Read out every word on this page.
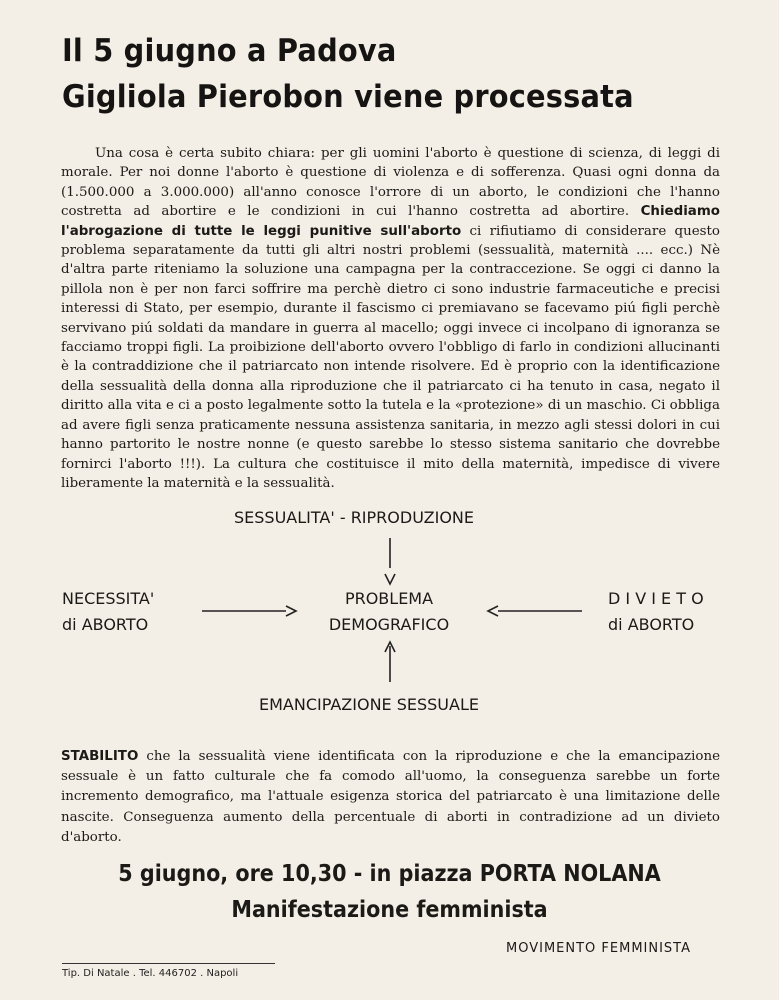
Il 5 giugno a Padova
Gigliola Pierobon viene processata

Una cosa è certa subito chiara: per gli uomini l'aborto è questione di scienza, di leggi di morale. Per noi donne l'aborto è questione di violenza e di sofferenza. Quasi ogni donna da (1.500.000 a 3.000.000) all'anno conosce l'orrore di un aborto, le condizioni che l'hanno costretta ad abortire e le condizioni in cui l'hanno costretta ad abortire. Chiediamo l'abrogazione di tutte le leggi punitive sull'aborto ci rifiutiamo di considerare questo problema separatamente da tutti gli altri nostri problemi (sessualità, maternità .... ecc.) Nè d'altra parte riteniamo la soluzione una campagna per la contraccezione. Se oggi ci danno la pillola non è per non farci soffrire ma perchè dietro ci sono industrie farmaceutiche e precisi interessi di Stato, per esempio, durante il fascismo ci premiavano se facevamo piú figli perchè servivano piú soldati da mandare in guerra al macello; oggi invece ci incolpano di ignoranza se facciamo troppi figli. La proibizione dell'aborto ovvero l'obbligo di farlo in condizioni allucinanti è la contraddizione che il patriarcato non intende risolvere. Ed è proprio con la identificazione della sessualità della donna alla riproduzione che il patriarcato ci ha tenuto in casa, negato il diritto alla vita e ci a posto legalmente sotto la tutela e la «protezione» di un maschio. Ci obbliga ad avere figli senza praticamente nessuna assistenza sanitaria, in mezzo agli stessi dolori in cui hanno partorito le nostre nonne (e questo sarebbe lo stesso sistema sanitario che dovrebbe fornirci l'aborto !!!). La cultura che costituisce il mito della maternità, impedisce di vivere liberamente la maternità e la sessualità.

SESSUALITA' - RIPRODUZIONE
NECESSITA'
di ABORTO
PROBLEMA
DEMOGRAFICO
D I V I E T O
di ABORTO
EMANCIPAZIONE SESSUALE

STABILITO che la sessualità viene identificata con la riproduzione e che la emancipazione sessuale è un fatto culturale che fa comodo all'uomo, la conseguenza sarebbe un forte incremento demografico, ma l'attuale esigenza storica del patriarcato è una limitazione delle nascite. Conseguenza aumento della percentuale di aborti in contradizione ad un divieto d'aborto.

5 giugno, ore 10,30 - in piazza PORTA NOLANA
Manifestazione femminista
MOVIMENTO FEMMINISTA
Tip. Di Natale . Tel. 446702 . Napoli
